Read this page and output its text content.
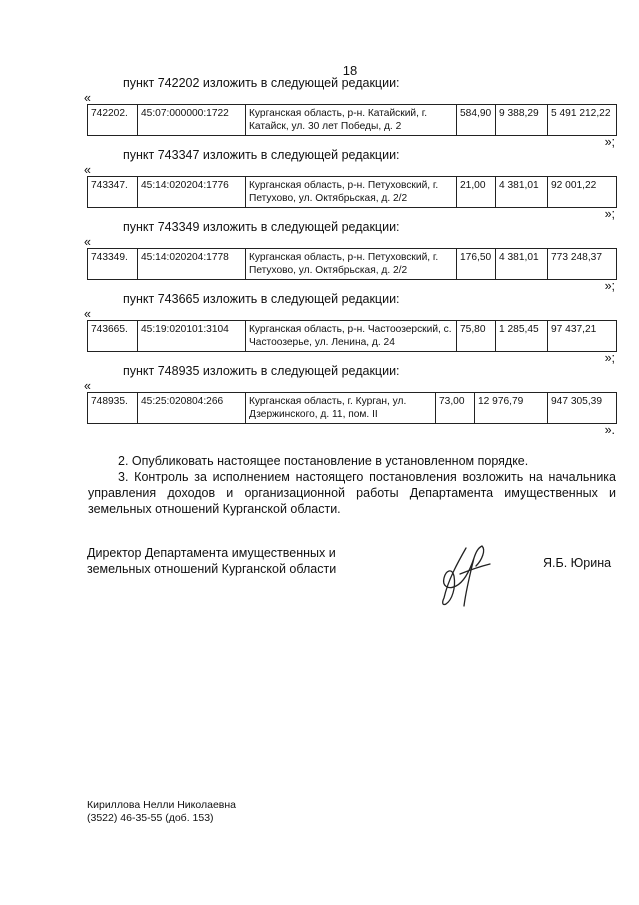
18
пункт 742202 изложить в следующей редакции:
«
742202.	45:07:000000:1722	Курганская область, р-н. Катайский, г. Катайск, ул. 30 лет Победы, д. 2	584,90	9 388,29	5 491 212,22
»;
пункт 743347 изложить в следующей редакции:
«
743347.	45:14:020204:1776	Курганская область, р-н. Петуховский, г. Петухово, ул. Октябрьская, д. 2/2	21,00	4 381,01	92 001,22
»;
пункт 743349 изложить в следующей редакции:
«
743349.	45:14:020204:1778	Курганская область, р-н. Петуховский, г. Петухово, ул. Октябрьская, д. 2/2	176,50	4 381,01	773 248,37
»;
пункт 743665 изложить в следующей редакции:
«
743665.	45:19:020101:3104	Курганская область, р-н. Частоозерский, с. Частоозерье, ул. Ленина, д. 24	75,80	1 285,45	97 437,21
»;
пункт 748935 изложить в следующей редакции:
«
748935.	45:25:020804:266	Курганская область, г. Курган, ул. Дзержинского, д. 11, пом. II	73,00	12 976,79	947 305,39
».
2. Опубликовать настоящее постановление в установленном порядке.
3. Контроль за исполнением настоящего постановления возложить на начальника управления доходов и организационной работы Департамента имущественных и земельных отношений Курганской области.
Директор Департамента имущественных и
земельных отношений Курганской области	Я.Б. Юрина
Кириллова Нелли Николаевна
(3522) 46-35-55 (доб. 153)
